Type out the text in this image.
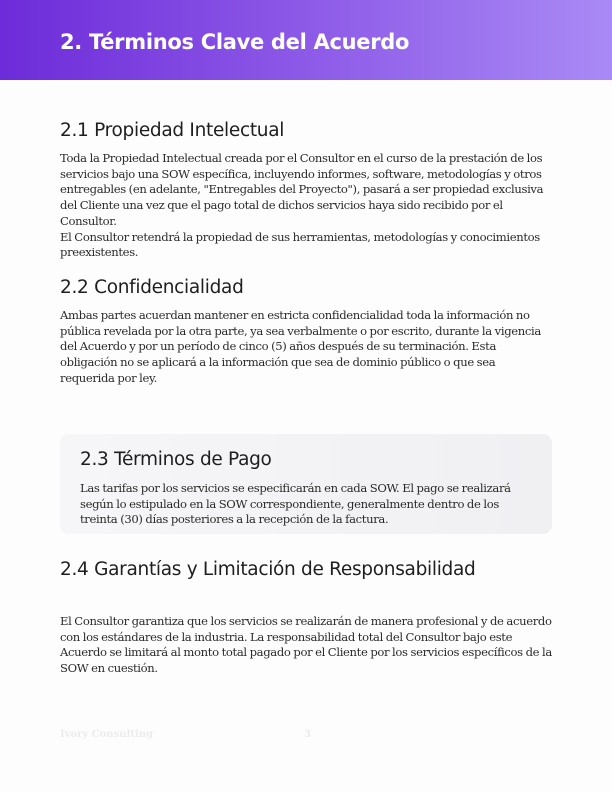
2. Términos Clave del Acuerdo
2.1 Propiedad Intelectual

Toda la Propiedad Intelectual creada por el Consultor en el curso de la prestación de los servicios bajo una SOW específica, incluyendo informes, software, metodologías y otros entregables (en adelante, "Entregables del Proyecto"), pasará a ser propiedad exclusiva del Cliente una vez que el pago total de dichos servicios haya sido recibido por el Consultor.

El Consultor retendrá la propiedad de sus herramientas, metodologías y conocimientos preexistentes.

2.2 Confidencialidad

Ambas partes acuerdan mantener en estricta confidencialidad toda la información no pública revelada por la otra parte, ya sea verbalmente o por escrito, durante la vigencia del Acuerdo y por un período de cinco (5) años después de su terminación. Esta obligación no se aplicará a la información que sea de dominio público o que sea requerida por ley.

2.3 Términos de Pago

Las tarifas por los servicios se especificarán en cada SOW. El pago se realizará según lo estipulado en la SOW correspondiente, generalmente dentro de los treinta (30) días posteriores a la recepción de la factura.

2.4 Garantías y Limitación de Responsabilidad

El Consultor garantiza que los servicios se realizarán de manera profesional y de acuerdo con los estándares de la industria. La responsabilidad total del Consultor bajo este Acuerdo se limitará al monto total pagado por el Cliente por los servicios específicos de la SOW en cuestión.

Ivory Consulting	3
